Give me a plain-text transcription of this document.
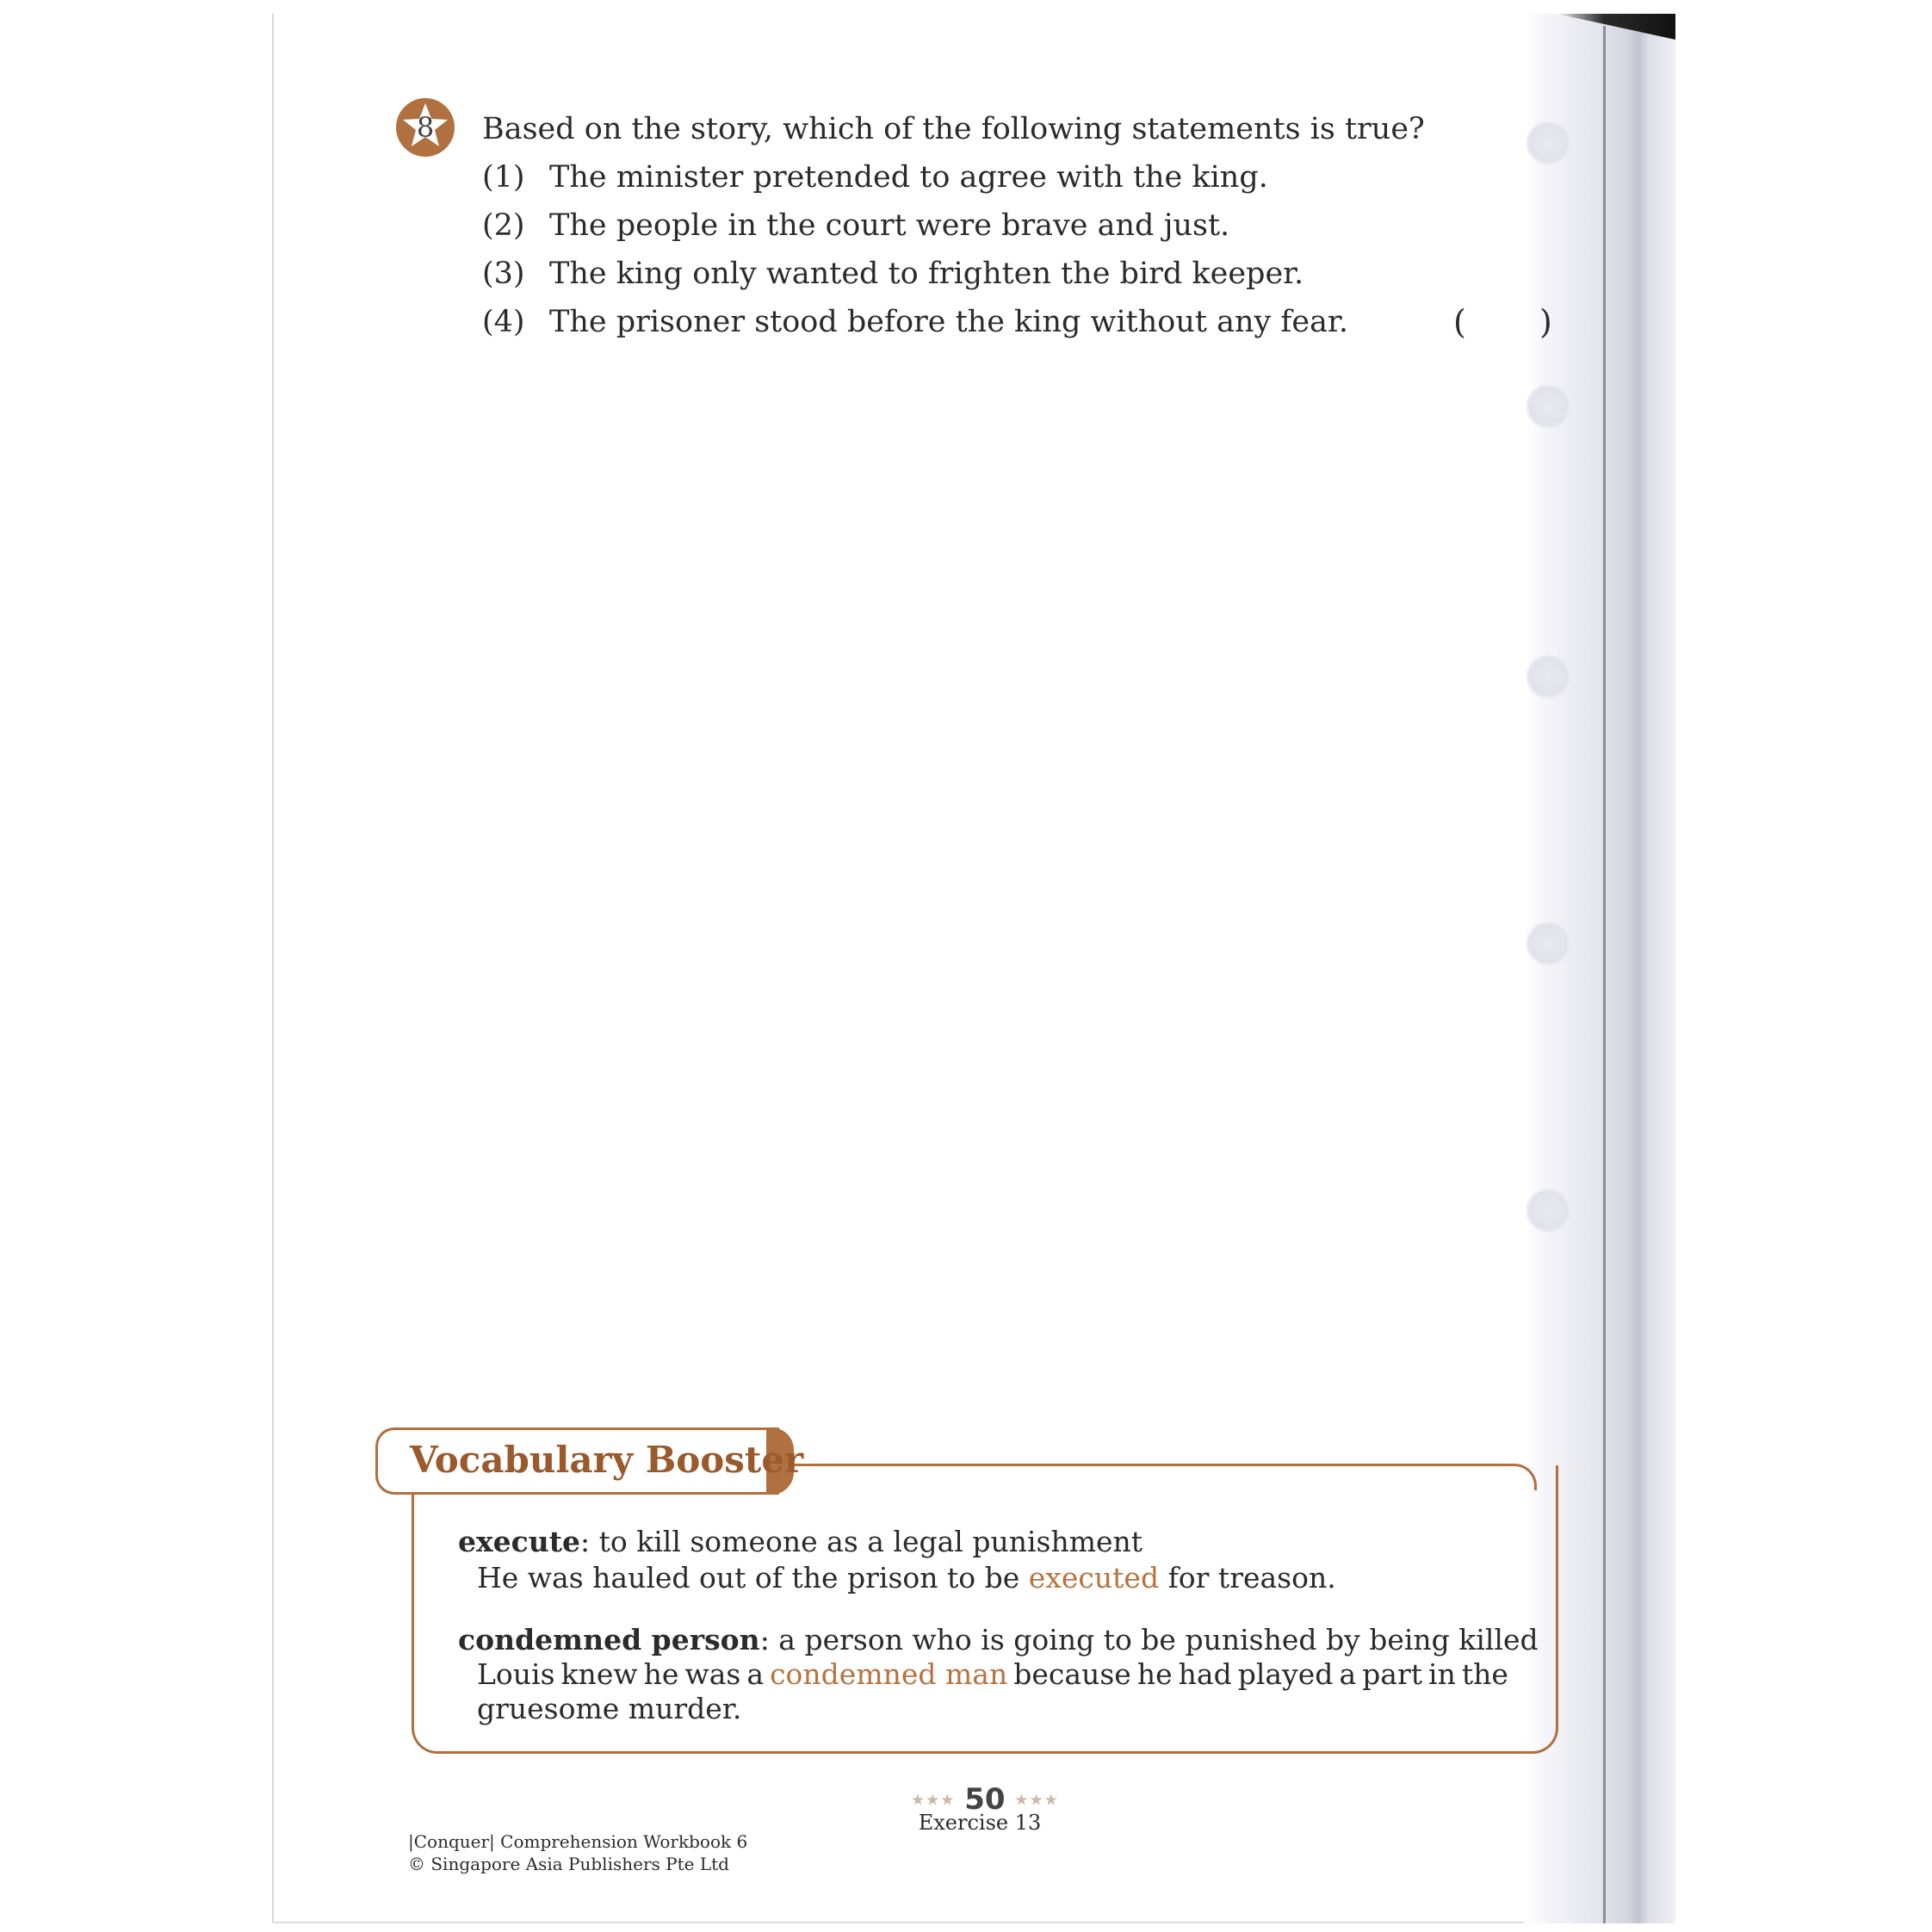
8	Based on the story, which of the following statements is true?
(1) The minister pretended to agree with the king.
(2) The people in the court were brave and just.
(3) The king only wanted to frighten the bird keeper.
(4) The prisoner stood before the king without any fear.	( )
Vocabulary Booster
execute: to kill someone as a legal punishment
He was hauled out of the prison to be executed for treason.
condemned person: a person who is going to be punished by being killed
Louis knew he was a condemned man because he had played a part in the
gruesome murder.
★★★ 50 ★★★
Exercise 13
|Conquer| Comprehension Workbook 6
© Singapore Asia Publishers Pte Ltd
